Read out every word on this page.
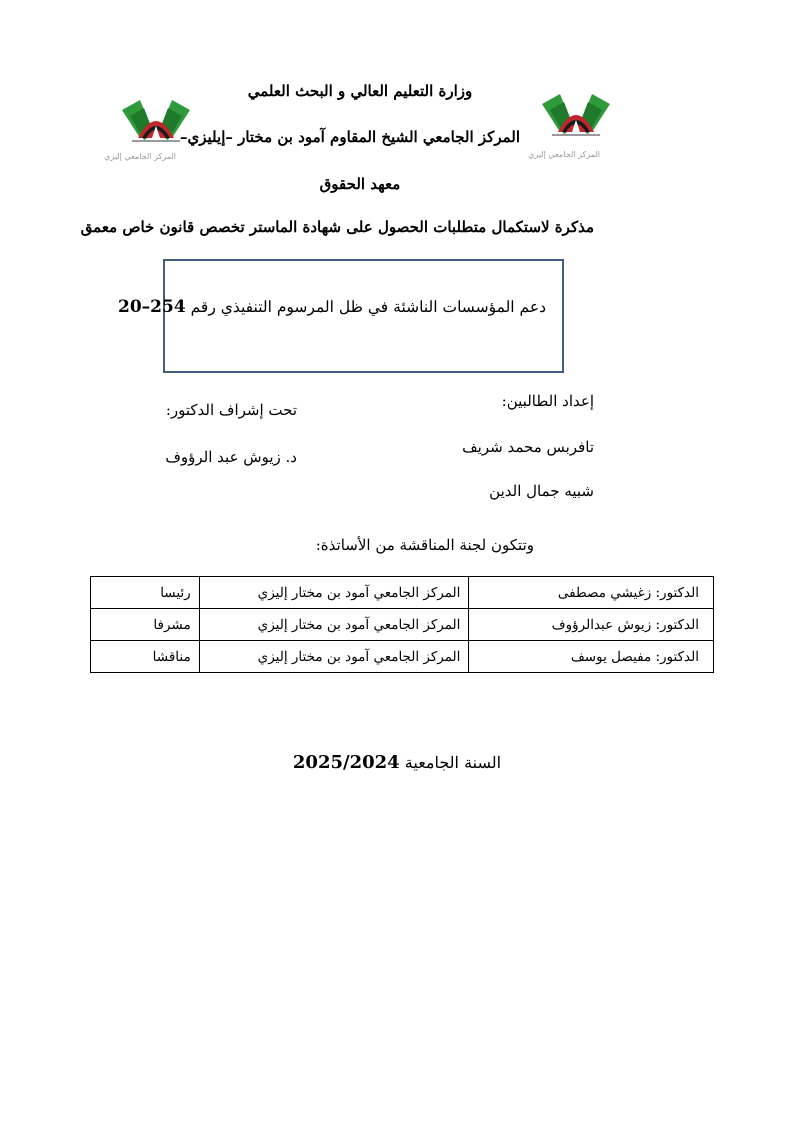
المركز الجامعي إليزي	المركز الجامعي إليزي
وزارة التعليم العالي و البحث العلمي
المركز الجامعي الشيخ المقاوم آمود بن مختار –إيليزي–
معهد الحقوق
مذكرة لاستكمال متطلبات الحصول على شهادة الماستر تخصص قانون خاص معمق
دعم المؤسسات الناشئة في ظل المرسوم التنفيذي رقم 20–254
إعداد الطالبين:
تافربس محمد شريف
شبيه جمال الدين
تحت إشراف الدكتور:
د. زيوش عبد الرؤوف
وتتكون لجنة المناقشة من الأساتذة:
الدكتور: زغيشي مصطفى	المركز الجامعي آمود بن مختار إليزي	رئيسا
الدكتور: زيوش عبدالرؤوف	المركز الجامعي آمود بن مختار إليزي	مشرفا
الدكتور: مفيصل يوسف	المركز الجامعي آمود بن مختار إليزي	مناقشا
السنة الجامعية 2025/2024
